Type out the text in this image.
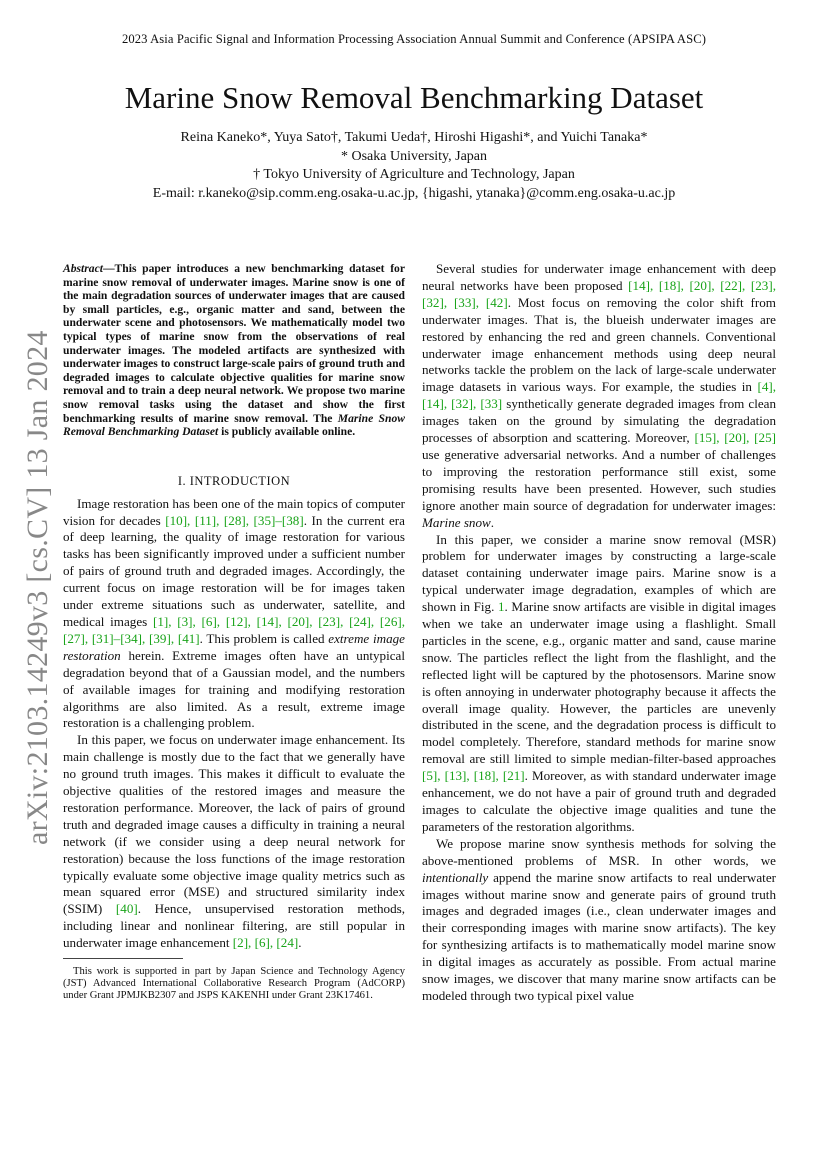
2023 Asia Pacific Signal and Information Processing Association Annual Summit and Conference (APSIPA ASC)
Marine Snow Removal Benchmarking Dataset
Reina Kaneko*, Yuya Sato†, Takumi Ueda†, Hiroshi Higashi*, and Yuichi Tanaka*
* Osaka University, Japan
† Tokyo University of Agriculture and Technology, Japan
E-mail: r.kaneko@sip.comm.eng.osaka-u.ac.jp, {higashi, ytanaka}@comm.eng.osaka-u.ac.jp
arXiv:2103.14249v3 [cs.CV] 13 Jan 2024

Abstract—This paper introduces a new benchmarking dataset for marine snow removal of underwater images. Marine snow is one of the main degradation sources of underwater images that are caused by small particles, e.g., organic matter and sand, between the underwater scene and photosensors. We mathematically model two typical types of marine snow from the observations of real underwater images. The modeled artifacts are synthesized with underwater images to construct large-scale pairs of ground truth and degraded images to calculate objective qualities for marine snow removal and to train a deep neural network. We propose two marine snow removal tasks using the dataset and show the first benchmarking results of marine snow removal. The Marine Snow Removal Benchmarking Dataset is publicly available online.

I. INTRODUCTION

Image restoration has been one of the main topics of computer vision for decades [10], [11], [28], [35]–[38]. In the current era of deep learning, the quality of image restoration for various tasks has been significantly improved under a sufficient number of pairs of ground truth and degraded images. Accordingly, the current focus on image restoration will be for images taken under extreme situations such as underwater, satellite, and medical images [1], [3], [6], [12], [14], [20], [23], [24], [26], [27], [31]–[34], [39], [41]. This problem is called extreme image restoration herein. Extreme images often have an untypical degradation beyond that of a Gaussian model, and the numbers of available images for training and modifying restoration algorithms are also limited. As a result, extreme image restoration is a challenging problem.

In this paper, we focus on underwater image enhancement. Its main challenge is mostly due to the fact that we generally have no ground truth images. This makes it difficult to evaluate the objective qualities of the restored images and measure the restoration performance. Moreover, the lack of pairs of ground truth and degraded image causes a difficulty in training a neural network (if we consider using a deep neural network for restoration) because the loss functions of the image restoration typically evaluate some objective image quality metrics such as mean squared error (MSE) and structured similarity index (SSIM) [40]. Hence, unsupervised restoration methods, including linear and nonlinear filtering, are still popular in underwater image enhancement [2], [6], [24].

This work is supported in part by Japan Science and Technology Agency (JST) Advanced International Collaborative Research Program (AdCORP) under Grant JPMJKB2307 and JSPS KAKENHI under Grant 23K17461.

Several studies for underwater image enhancement with deep neural networks have been proposed [14], [18], [20], [22], [23], [32], [33], [42]. Most focus on removing the color shift from underwater images. That is, the blueish underwater images are restored by enhancing the red and green channels. Conventional underwater image enhancement methods using deep neural networks tackle the problem on the lack of large-scale underwater image datasets in various ways. For example, the studies in [4], [14], [32], [33] synthetically generate degraded images from clean images taken on the ground by simulating the degradation processes of absorption and scattering. Moreover, [15], [20], [25] use generative adversarial networks. And a number of challenges to improving the restoration performance still exist, some promising results have been presented. However, such studies ignore another main source of degradation for underwater images: Marine snow.

In this paper, we consider a marine snow removal (MSR) problem for underwater images by constructing a large-scale dataset containing underwater image pairs. Marine snow is a typical underwater image degradation, examples of which are shown in Fig. 1. Marine snow artifacts are visible in digital images when we take an underwater image using a flashlight. Small particles in the scene, e.g., organic matter and sand, cause marine snow. The particles reflect the light from the flashlight, and the reflected light will be captured by the photosensors. Marine snow is often annoying in underwater photography because it affects the overall image quality. However, the particles are unevenly distributed in the scene, and the degradation process is difficult to model completely. Therefore, standard methods for marine snow removal are still limited to simple median-filter-based approaches [5], [13], [18], [21]. Moreover, as with standard underwater image enhancement, we do not have a pair of ground truth and degraded images to calculate the objective image qualities and tune the parameters of the restoration algorithms.

We propose marine snow synthesis methods for solving the above-mentioned problems of MSR. In other words, we intentionally append the marine snow artifacts to real underwater images without marine snow and generate pairs of ground truth images and degraded images (i.e., clean underwater images and their corresponding images with marine snow artifacts). The key for synthesizing artifacts is to mathematically model marine snow in digital images as accurately as possible. From actual marine snow images, we discover that many marine snow artifacts can be modeled through two typical pixel value
